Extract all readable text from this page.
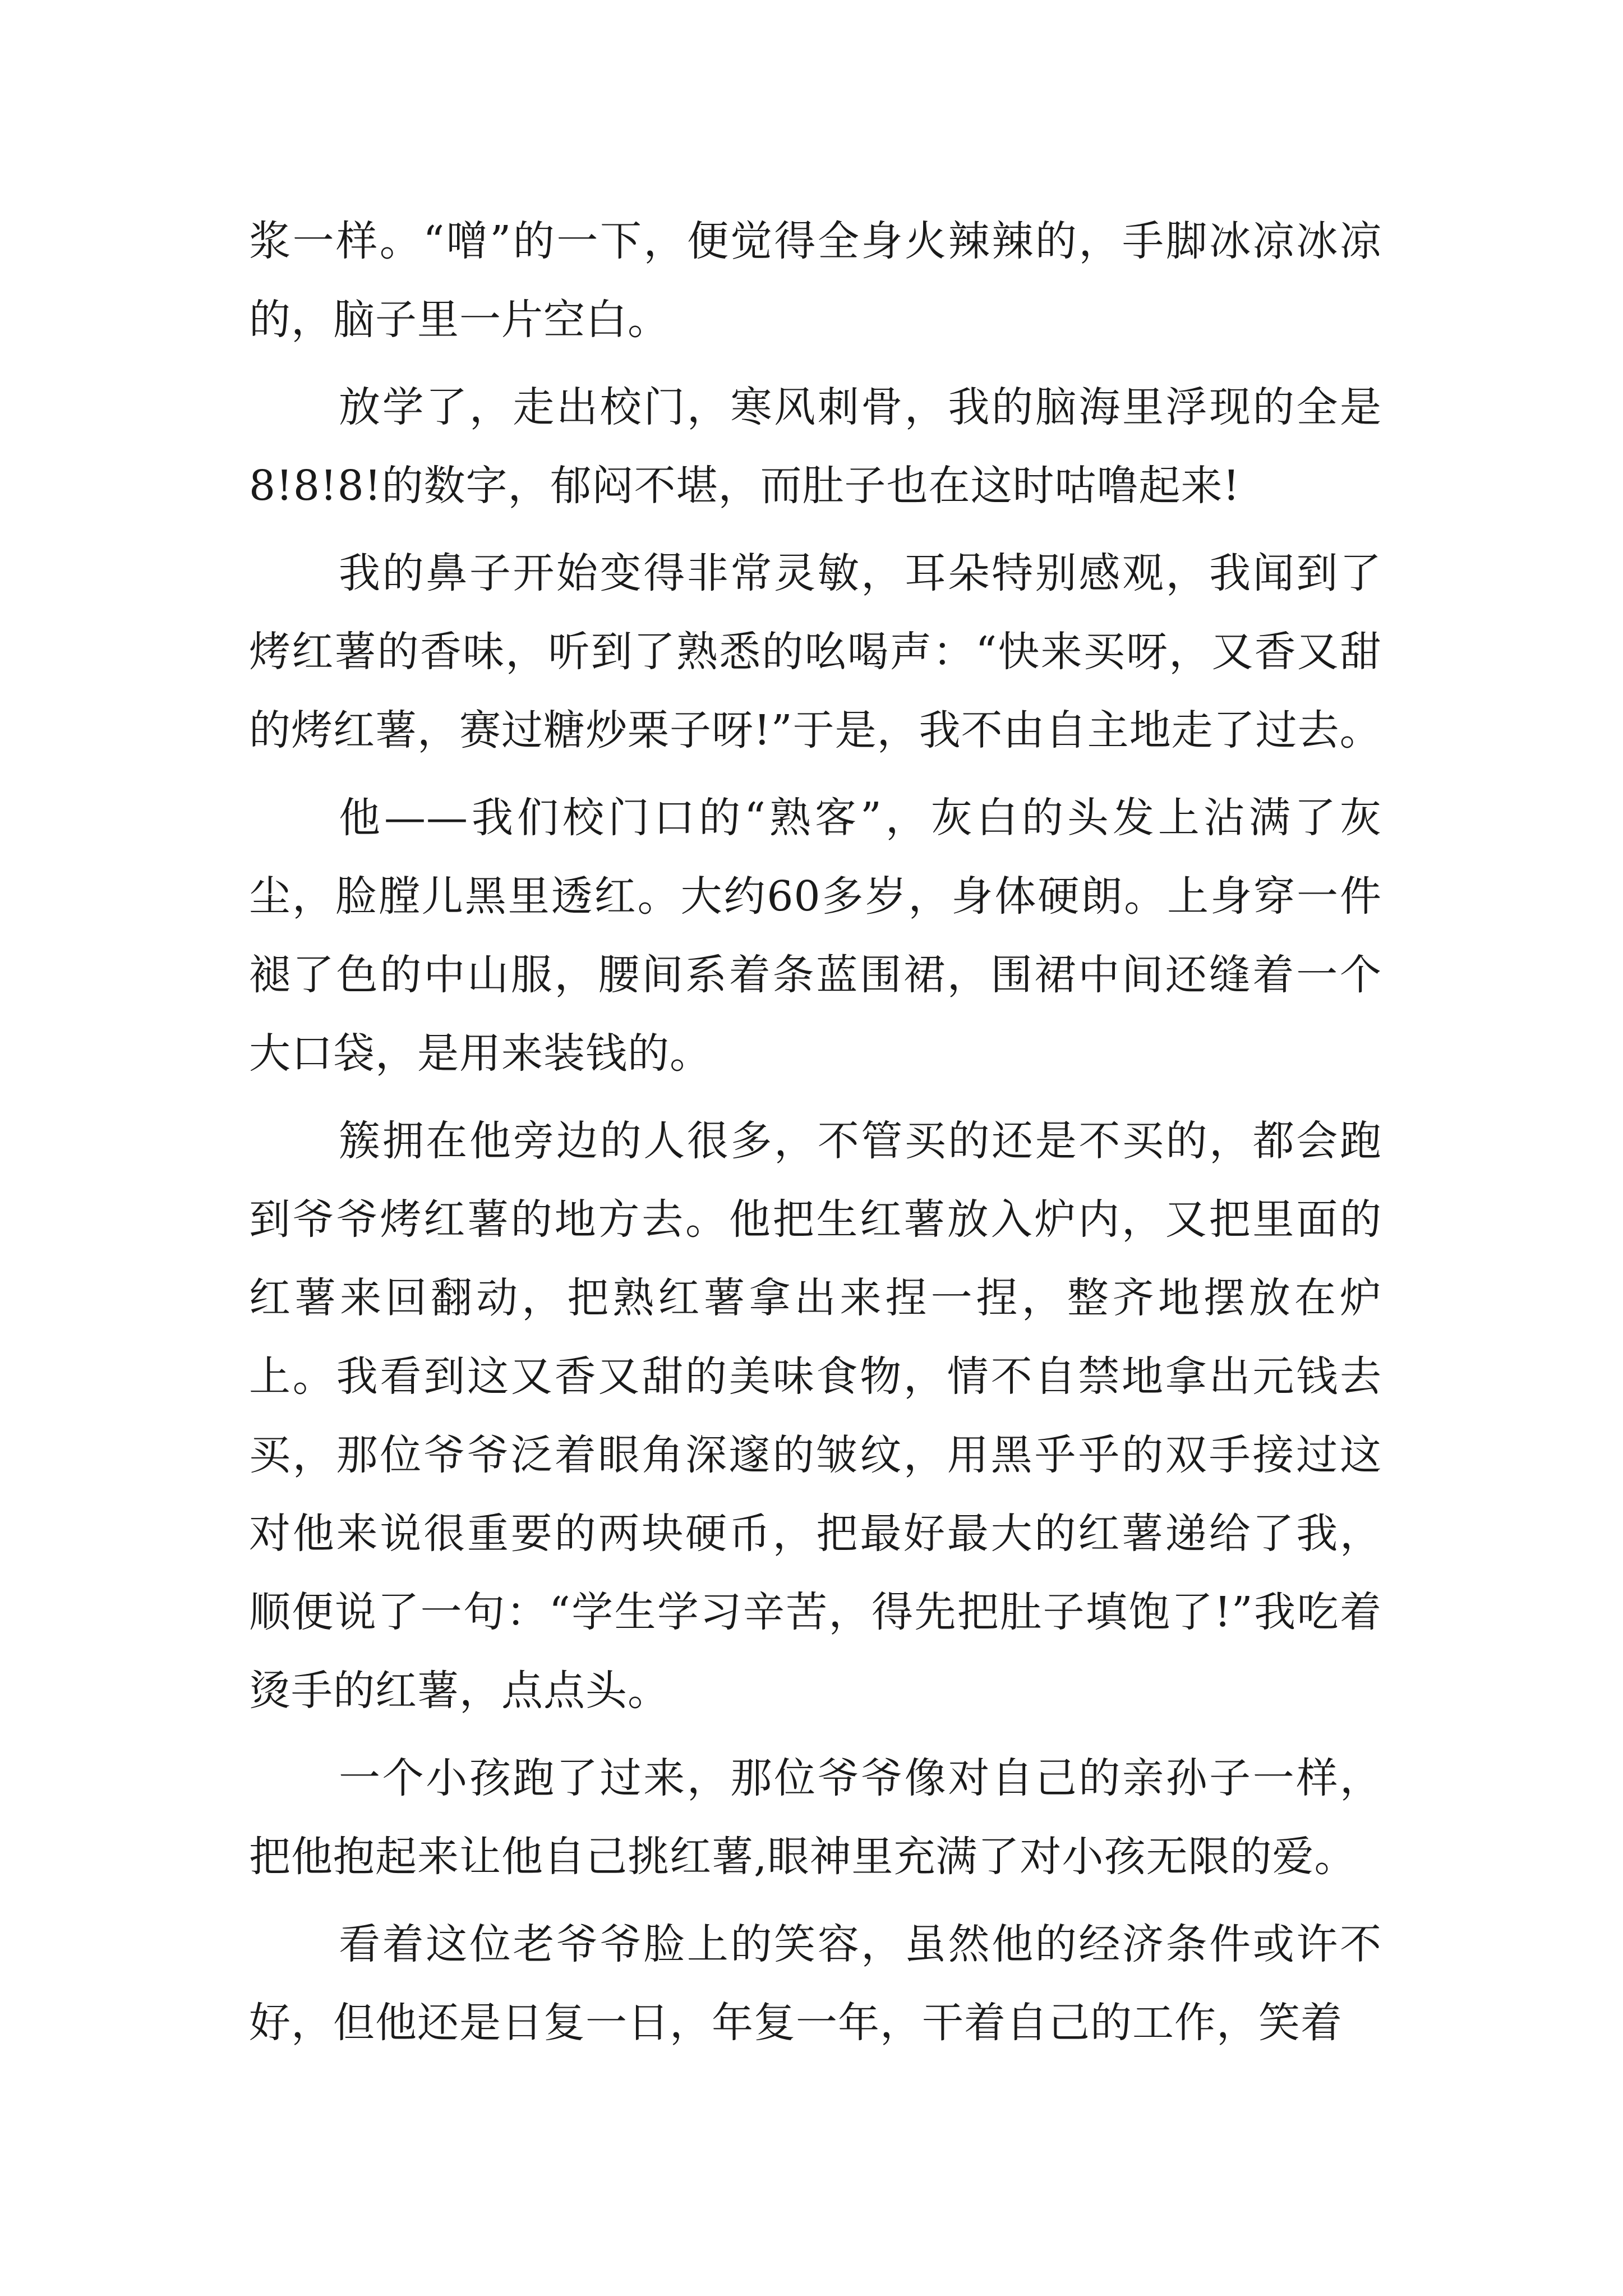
浆一样。“噌”的一下，便觉得全身火辣辣的，手脚冰凉冰凉的，脑子里一片空白。

放学了，走出校门，寒风刺骨，我的脑海里浮现的全是8!8!8!的数字，郁闷不堪，而肚子也在这时咕噜起来!

我的鼻子开始变得非常灵敏，耳朵特别感观，我闻到了烤红薯的香味，听到了熟悉的吆喝声：“快来买呀，又香又甜的烤红薯，赛过糖炒栗子呀!”于是，我不由自主地走了过去。

他——我们校门口的“熟客”，灰白的头发上沾满了灰尘，脸膛儿黑里透红。大约60多岁，身体硬朗。上身穿一件褪了色的中山服，腰间系着条蓝围裙，围裙中间还缝着一个大口袋，是用来装钱的。

簇拥在他旁边的人很多，不管买的还是不买的，都会跑到爷爷烤红薯的地方去。他把生红薯放入炉内，又把里面的红薯来回翻动，把熟红薯拿出来捏一捏，整齐地摆放在炉上。我看到这又香又甜的美味食物，情不自禁地拿出元钱去买，那位爷爷泛着眼角深邃的皱纹，用黑乎乎的双手接过这对他来说很重要的两块硬币，把最好最大的红薯递给了我，顺便说了一句：“学生学习辛苦，得先把肚子填饱了!”我吃着烫手的红薯，点点头。

一个小孩跑了过来，那位爷爷像对自己的亲孙子一样，把他抱起来让他自己挑红薯,眼神里充满了对小孩无限的爱。

看着这位老爷爷脸上的笑容，虽然他的经济条件或许不好，但他还是日复一日，年复一年，干着自己的工作，笑着
